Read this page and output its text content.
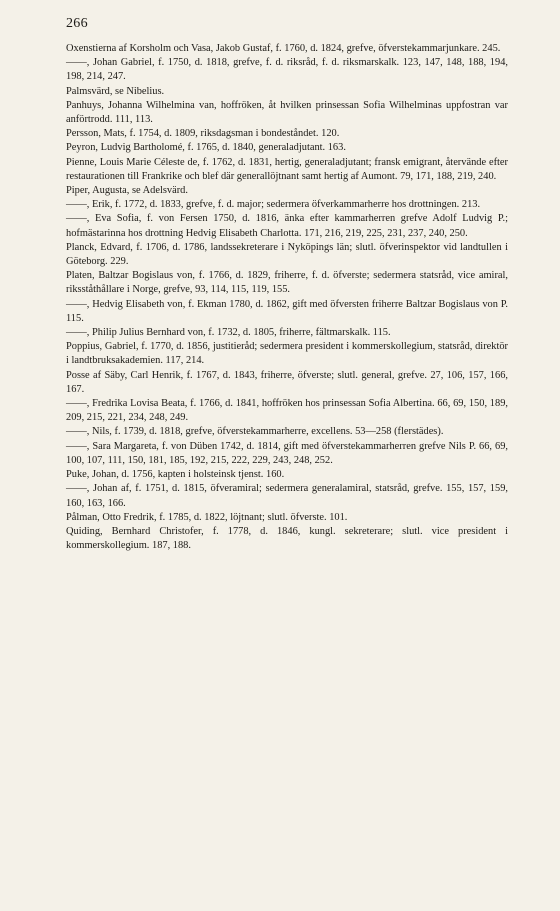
266
Oxenstierna af Korsholm och Vasa, Jakob Gustaf, f. 1760, d. 1824, grefve, öfverstekammarjunkare. 245.
——, Johan Gabriel, f. 1750, d. 1818, grefve, f. d. riksråd, f. d. riksmarskalk. 123, 147, 148, 188, 194, 198, 214, 247.
Palmsvärd, se Nibelius.
Panhuys, Johanna Wilhelmina van, hoffröken, åt hvilken prinsessan Sofia Wilhelminas uppfostran var anförtrodd. 111, 113.
Persson, Mats, f. 1754, d. 1809, riksdagsman i bondeståndet. 120.
Peyron, Ludvig Bartholomé, f. 1765, d. 1840, generaladjutant. 163.
Pienne, Louis Marie Céleste de, f. 1762, d. 1831, hertig, generaladjutant; fransk emigrant, återvände efter restaurationen till Frankrike och blef där generallöjtnant samt hertig af Aumont. 79, 171, 188, 219, 240.
Piper, Augusta, se Adelsvärd.
——, Erik, f. 1772, d. 1833, grefve, f. d. major; sedermera öfverkammarherre hos drottningen. 213.
——, Eva Sofia, f. von Fersen 1750, d. 1816, änka efter kammarherren grefve Adolf Ludvig P.; hofmästarinna hos drottning Hedvig Elisabeth Charlotta. 171, 216, 219, 225, 231, 237, 240, 250.
Planck, Edvard, f. 1706, d. 1786, landssekreterare i Nyköpings län; slutl. öfverinspektor vid landtullen i Göteborg. 229.
Platen, Baltzar Bogislaus von, f. 1766, d. 1829, friherre, f. d. öfverste; sedermera statsråd, vice amiral, riksståthållare i Norge, grefve, 93, 114, 115, 119, 155.
——, Hedvig Elisabeth von, f. Ekman 1780, d. 1862, gift med öfversten friherre Baltzar Bogislaus von P. 115.
——, Philip Julius Bernhard von, f. 1732, d. 1805, friherre, fältmarskalk. 115.
Poppius, Gabriel, f. 1770, d. 1856, justitieråd; sedermera president i kommerskollegium, statsråd, direktör i landtbruksakademien. 117, 214.
Posse af Säby, Carl Henrik, f. 1767, d. 1843, friherre, öfverste; slutl. general, grefve. 27, 106, 157, 166, 167.
——, Fredrika Lovisa Beata, f. 1766, d. 1841, hoffröken hos prinsessan Sofia Albertina. 66, 69, 150, 189, 209, 215, 221, 234, 248, 249.
——, Nils, f. 1739, d. 1818, grefve, öfverstekammarherre, excellens. 53—258 (flerstädes).
——, Sara Margareta, f. von Düben 1742, d. 1814, gift med öfverstekammarherren grefve Nils P. 66, 69, 100, 107, 111, 150, 181, 185, 192, 215, 222, 229, 243, 248, 252.
Puke, Johan, d. 1756, kapten i holsteinsk tjenst. 160.
——, Johan af, f. 1751, d. 1815, öfveramiral; sedermera generalamiral, statsråd, grefve. 155, 157, 159, 160, 163, 166.
Pålman, Otto Fredrik, f. 1785, d. 1822, löjtnant; slutl. öfverste. 101.
Quiding, Bernhard Christofer, f. 1778, d. 1846, kungl. sekreterare; slutl. vice president i kommerskollegium. 187, 188.
